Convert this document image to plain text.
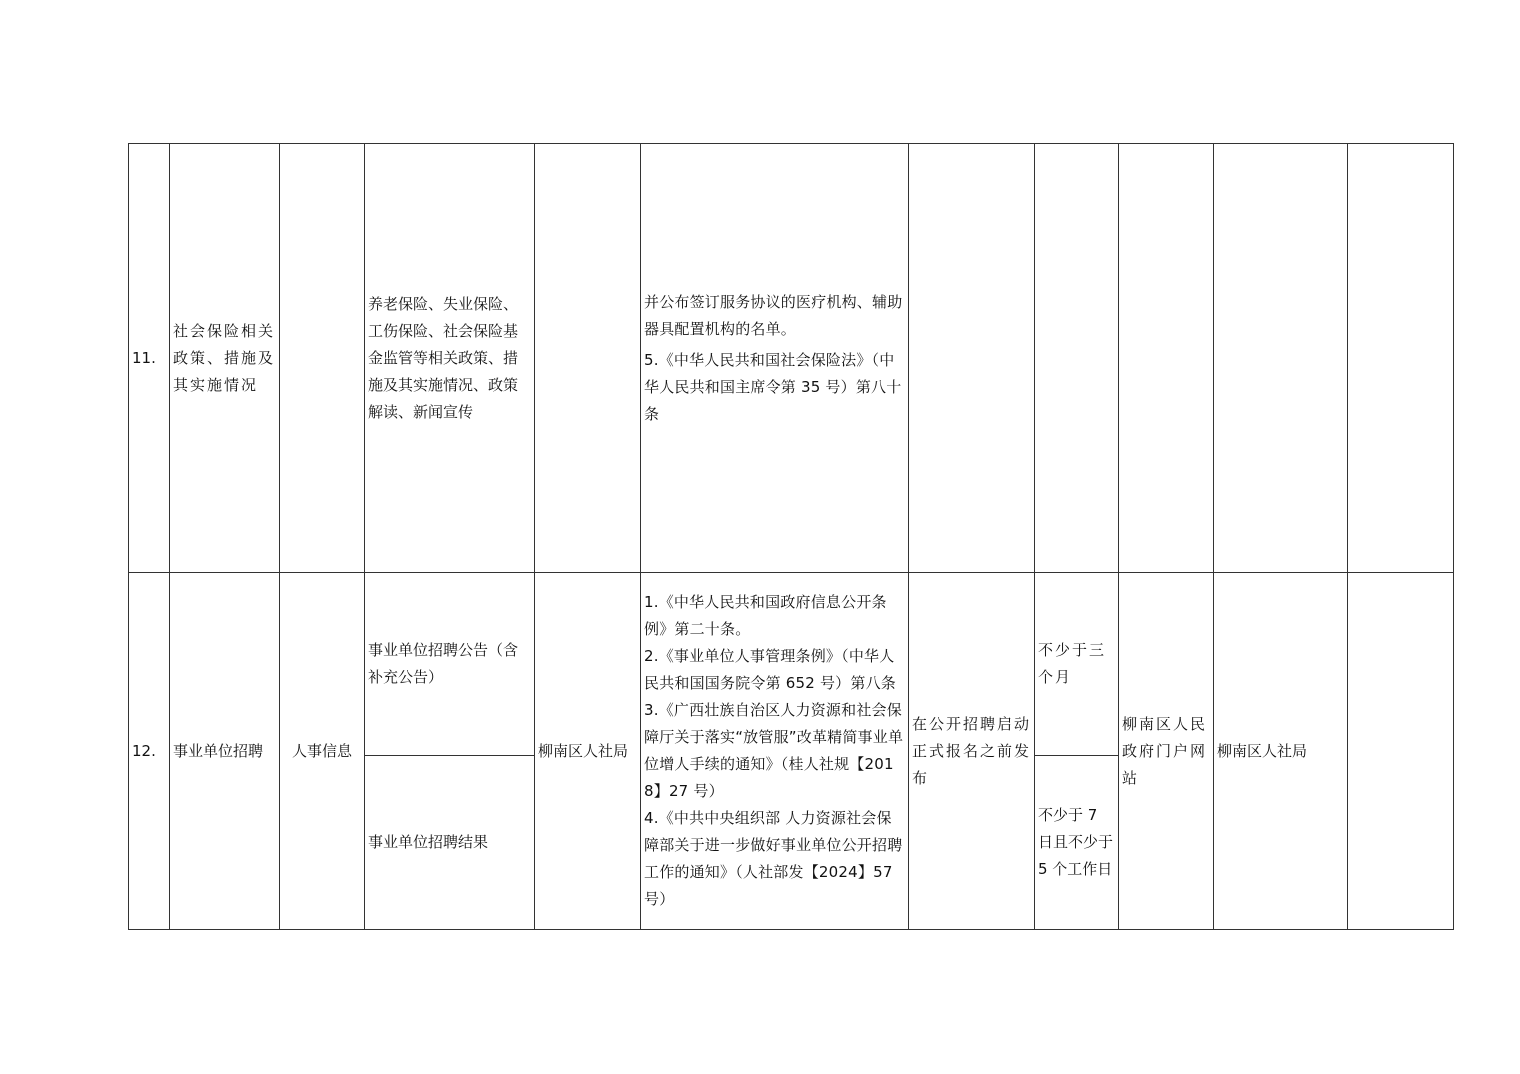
11.	社会保险相关政策、措施及其实施情况		养老保险、失业保险、工伤保险、社会保险基金监管等相关政策、措施及其实施情况、政策解读、新闻宣传		并公布签订服务协议的医疗机构、辅助器具配置机构的名单。
5.《中华人民共和国社会保险法》（中华人民共和国主席令第 35 号）第八十条					

12.	事业单位招聘	人事信息	事业单位招聘公告（含补充公告）	柳南区人社局	1.《中华人民共和国政府信息公开条例》第二十条。
2.《事业单位人事管理条例》（中华人民共和国国务院令第 652 号）第八条
3.《广西壮族自治区人力资源和社会保障厅关于落实“放管服”改革精简事业单位增人手续的通知》（桂人社规【2018】27 号）
4.《中共中央组织部 人力资源社会保障部关于进一步做好事业单位公开招聘工作的通知》（人社部发【2024】57 号）	在公开招聘启动正式报名之前发布	不少于三个月	柳南区人民政府门户网站	柳南区人社局	
			事业单位招聘结果				不少于 7 日且不少于 5 个工作日			
